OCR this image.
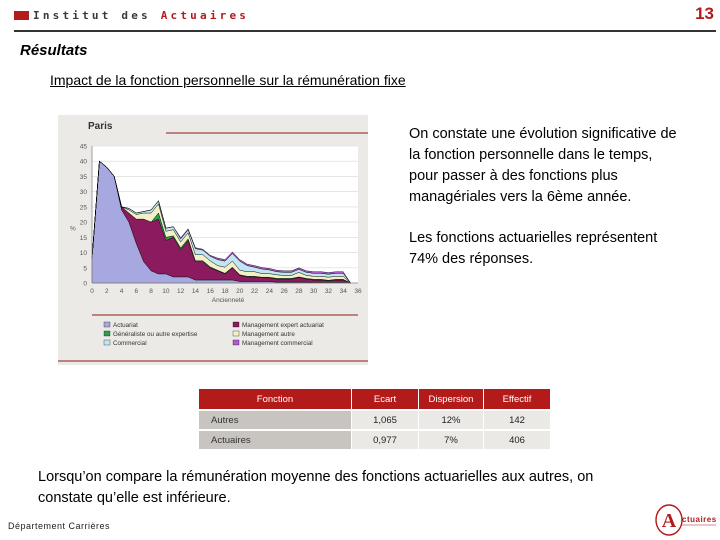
Institut des Actuaires	13
Résultats
Impact de la fonction personnelle sur la rémunération fixe
Paris
0
5
10
15
20
25
30
35
40
45
0 2 4 6 8 10 12 14 16 18 20 22 24 26 28 30 32 34 36
%
Ancienneté
Actuariat	Management expert actuariat
Généraliste ou autre expertise	Management autre
Commercial	Management commercial

On constate une évolution significative de la fonction personnelle dans le temps, pour passer à des fonctions plus managériales vers la 6ème année.

Les fonctions actuarielles représentent 74% des réponses.

Fonction	Ecart	Dispersion	Effectif
Autres	1,065	12%	142
Actuaires	0,977	7%	406
Lorsqu’on compare la rémunération moyenne des fonctions actuarielles aux autres, on constate qu’elle est inférieure.
Département Carrières	A ctuaires
